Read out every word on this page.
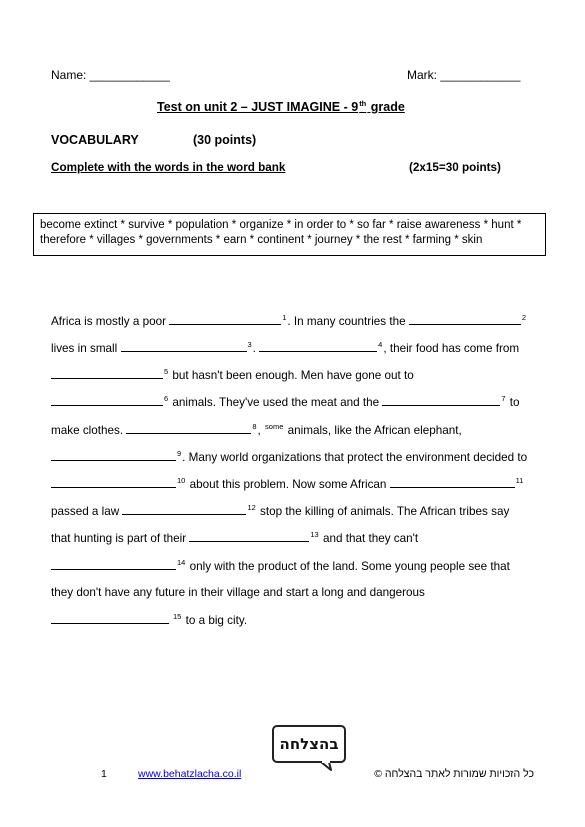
Name: ____________	Mark: ____________
Test on unit 2 – JUST IMAGINE - 9th grade
VOCABULARY	(30 points)
Complete with the words in the word bank	(2x15=30 points)
become extinct * survive * population * organize * in order to * so far * raise awareness * hunt *
therefore * villages * governments * earn * continent * journey * the rest * farming * skin
Africa is mostly a poor	$^1$. In many countries the	$^2$
lives in small	$^3$.	$^4$, their food has come from
$^5$ but hasn't been enough. Men have gone out to
$^6$ animals. They've used the meat and the	$^7$ to
make clothes.	$^8$, $^{some}$ animals, like the African elephant,
$^9$. Many world organizations that protect the environment decided to
$^{10}$ about this problem. Now some African	$^{11}$
passed a law	$^{12}$ stop the killing of animals. The African tribes say
that hunting is part of their	$^{13}$ and that they can't
$^{14}$ only with the product of the land. Some young people see that
they don't have any future in their village and start a long and dangerous
$^{15}$ to a big city.
בהצלחה
1	www.behatzlacha.co.il	כל הזכויות שמורות לאתר בהצלחה ©
